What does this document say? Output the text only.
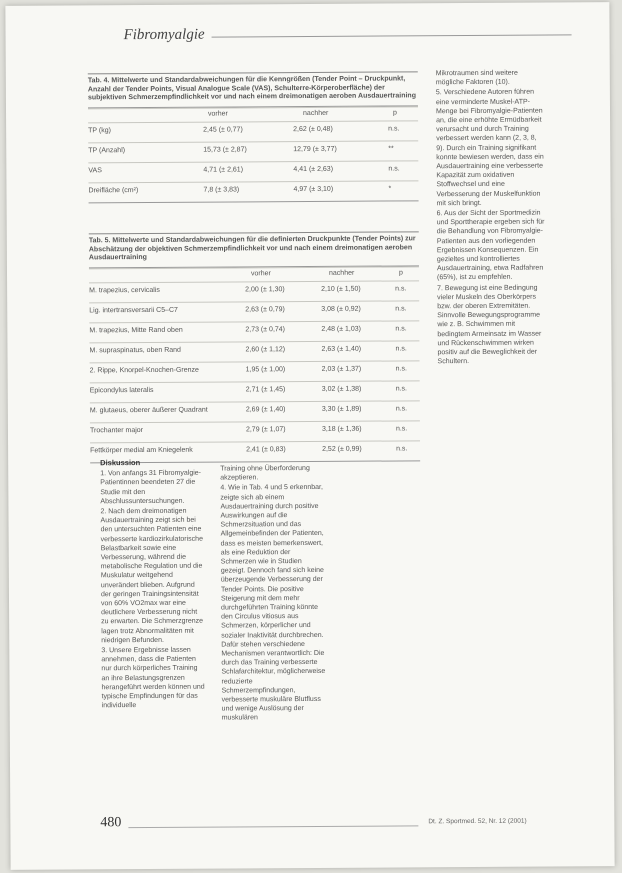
Fibromyalgie
Tab. 4. Mittelwerte und Standardabweichungen für die Kenngrößen (Tender Point – Druckpunkt, Anzahl der Tender Points, Visual Analogue Scale (VAS), Schulterre-Körperoberfläche) der subjektiven Schmerzempfindlichkeit vor und nach einem dreimonatigen aeroben Ausdauertraining
vorher	nachher	p
TP (kg)	2,45 (± 0,77)	2,62 (± 0,48)	n.s.
TP (Anzahl)	15,73 (± 2,87)	12,79 (± 3,77)	**
VAS	4,71 (± 2,61)	4,41 (± 2,63)	n.s.
Dreifläche (cm²)	7,8 (± 3,83)	4,97 (± 3,10)	*
Tab. 5. Mittelwerte und Standardabweichungen für die definierten Druckpunkte (Tender Points) zur Abschätzung der objektiven Schmerzempfindlichkeit vor und nach einem dreimonatigen aeroben Ausdauertraining
vorher	nachher	p
M. trapezius, cervicalis	2,00 (± 1,30)	2,10 (± 1,50)	n.s.
Lig. intertransversarii C5–C7	2,63 (± 0,79)	3,08 (± 0,92)	n.s.
M. trapezius, Mitte Rand oben	2,73 (± 0,74)	2,48 (± 1,03)	n.s.
M. supraspinatus, oben Rand	2,60 (± 1,12)	2,63 (± 1,40)	n.s.
2. Rippe, Knorpel-Knochen-Grenze	1,95 (± 1,00)	2,03 (± 1,37)	n.s.
Epicondylus lateralis	2,71 (± 1,45)	3,02 (± 1,38)	n.s.
M. glutaeus, oberer äußerer Quadrant	2,69 (± 1,40)	3,30 (± 1,89)	n.s.
Trochanter major	2,79 (± 1,07)	3,18 (± 1,36)	n.s.
Fettkörper medial am Kniegelenk	2,41 (± 0,83)	2,52 (± 0,99)	n.s.

Diskussion

1. Von anfangs 31 Fibromyalgie-Patientinnen beendeten 27 die Studie mit den Abschlussuntersuchungen.

2. Nach dem dreimonatigen Ausdauertraining zeigt sich bei den untersuchten Patienten eine verbesserte kardiozirkulatorische Belastbarkeit sowie eine Verbesserung, während die metabolische Regulation und die Muskulatur weitgehend unverändert blieben. Aufgrund der geringen Trainingsintensität von 60% VO2max war eine deutlichere Verbesserung nicht zu erwarten. Die Schmerzgrenze lagen trotz Abnormalitäten mit niedrigen Befunden.

3. Unsere Ergebnisse lassen annehmen, dass die Patienten nur durch körperliches Training an ihre Belastungsgrenzen herangeführt werden können und typische Empfindungen für das individuelle

Training ohne Überforderung akzeptieren.

4. Wie in Tab. 4 und 5 erkennbar, zeigte sich ab einem Ausdauertraining durch positive Auswirkungen auf die Schmerzsituation und das Allgemeinbefinden der Patienten, dass es meisten bemerkenswert, als eine Reduktion der Schmerzen wie in Studien gezeigt. Dennoch fand sich keine überzeugende Verbesserung der Tender Points. Die positive Steigerung mit dem mehr durchgeführten Training könnte den Circulus vitiosus aus Schmerzen, körperlicher und sozialer Inaktivität durchbrechen. Dafür stehen verschiedene Mechanismen verantwortlich: Die durch das Training verbesserte Schlafarchitektur, möglicherweise reduzierte Schmerzempfindungen, verbesserte muskuläre Blutfluss und wenige Auslösung der muskulären

Mikrotraumen sind weitere mögliche Faktoren (10).

5. Verschiedene Autoren führen eine verminderte Muskel-ATP-Menge bei Fibromyalgie-Patienten an, die eine erhöhte Ermüdbarkeit verursacht und durch Training verbessert werden kann (2, 3, 8, 9). Durch ein Training signifikant konnte bewiesen werden, dass ein Ausdauertraining eine verbesserte Kapazität zum oxidativen Stoffwechsel und eine Verbesserung der Muskelfunktion mit sich bringt.

6. Aus der Sicht der Sportmedizin und Sporttherapie ergeben sich für die Behandlung von Fibromyalgie-Patienten aus den vorliegenden Ergebnissen Konsequenzen. Ein gezieltes und kontrolliertes Ausdauertraining, etwa Radfahren (65%), ist zu empfehlen.

7. Bewegung ist eine Bedingung vieler Muskeln des Oberkörpers bzw. der oberen Extremitäten. Sinnvolle Bewegungsprogramme wie z. B. Schwimmen mit bedingtem Armeinsatz im Wasser und Rückenschwimmen wirken positiv auf die Beweglichkeit der Schultern.

480	Dt. Z. Sportmed. 52, Nr. 12 (2001)
